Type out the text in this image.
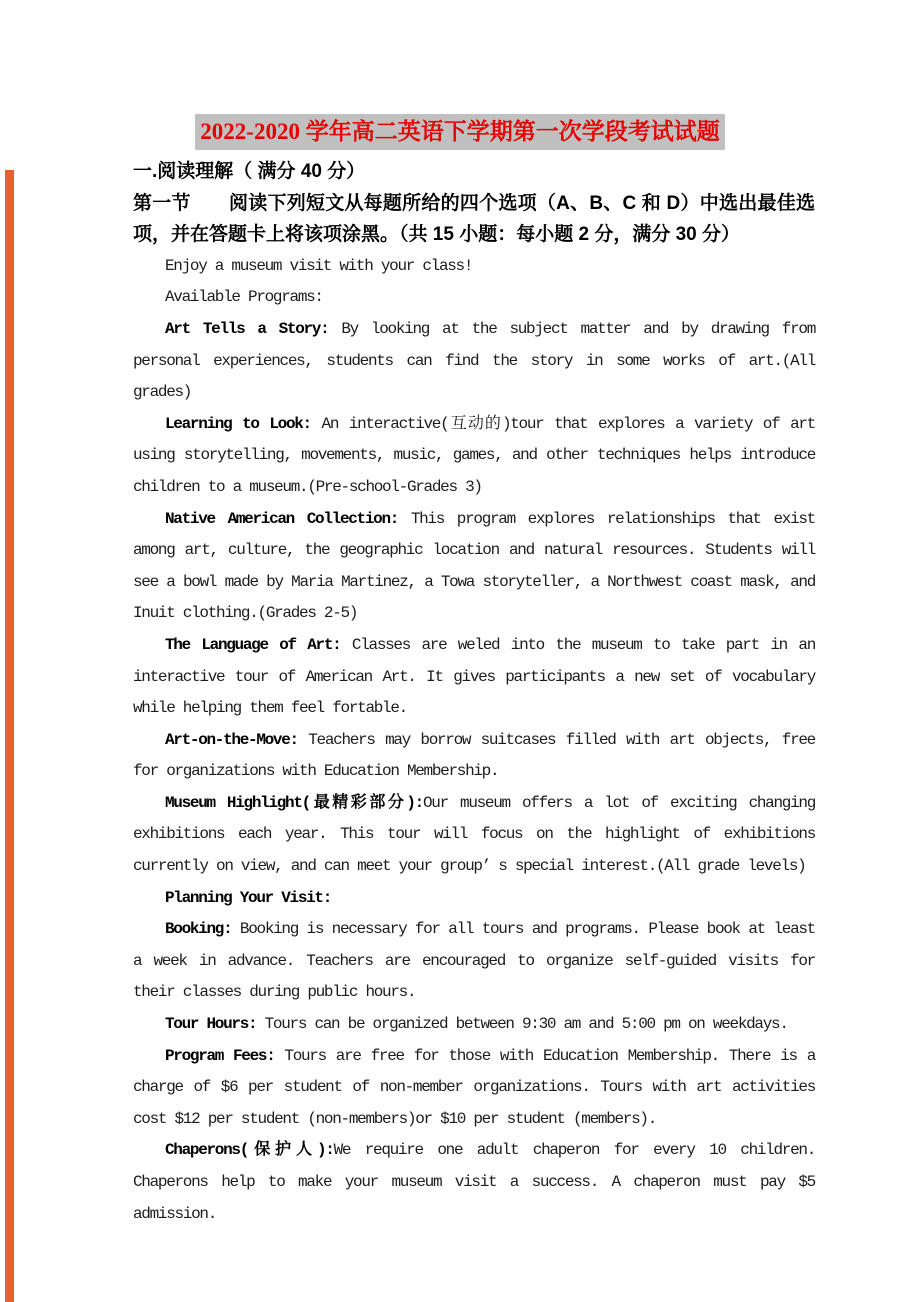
2022-2020 学年高二英语下学期第一次学段考试试题

一.阅读理解（ 满分 40 分）

第一节 阅读下列短文从每题所给的四个选项（A、B、C 和 D）中选出最佳选项，并在答题卡上将该项涂黑。（共 15 小题：每小题 2 分，满分 30 分）

Enjoy a museum visit with your class!

Available Programs:

Art Tells a Story: By looking at the subject matter and by drawing from personal experiences, students can find the story in some works of art.(All grades)

Learning to Look: An interactive(互动的)tour that explores a variety of art using storytelling, movements, music, games, and other techniques helps introduce children to a museum.(Pre-school-Grades 3)

Native American Collection: This program explores relationships that exist among art, culture, the geographic location and natural resources. Students will see a bowl made by Maria Martinez, a Towa storyteller, a Northwest coast mask, and Inuit clothing.(Grades 2-5)

The Language of Art: Classes are weled into the museum to take part in an interactive tour of American Art. It gives participants a new set of vocabulary while helping them feel fortable.

Art-on-the-Move: Teachers may borrow suitcases filled with art objects, free for organizations with Education Membership.

Museum Highlight(最精彩部分):Our museum offers a lot of exciting changing exhibitions each year. This tour will focus on the highlight of exhibitions currently on view, and can meet your group’ s special interest.(All grade levels)

Planning Your Visit:

Booking: Booking is necessary for all tours and programs. Please book at least a week in advance. Teachers are encouraged to organize self-guided visits for their classes during public hours.

Tour Hours: Tours can be organized between 9:30 am and 5:00 pm on weekdays.

Program Fees: Tours are free for those with Education Membership. There is a charge of $6 per student of non-member organizations. Tours with art activities cost $12 per student (non-members)or $10 per student (members).

Chaperons(保护人):We require one adult chaperon for every 10 children. Chaperons help to make your museum visit a success. A chaperon must pay $5 admission.
